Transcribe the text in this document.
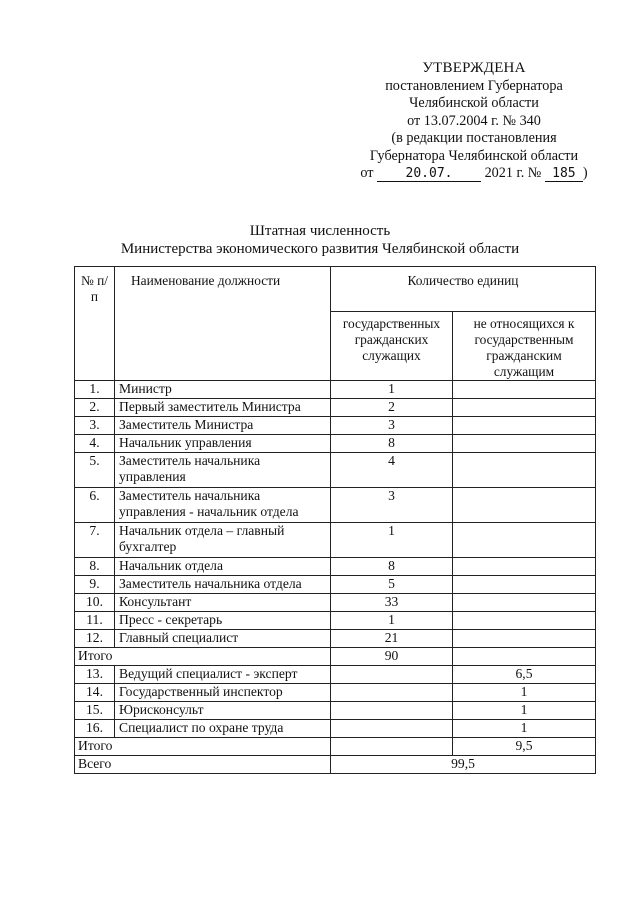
УТВЕРЖДЕНА
постановлением Губернатора
Челябинской области
от 13.07.2004 г. № 340
(в редакции постановления
Губернатора Челябинской области
от 20.07. 2021 г. № 185 )
Штатная численность
Министерства экономического развития Челябинской области
№ п/п	Наименование должности	Количество единиц	
		государственных гражданских служащих	не относящихся к государственным гражданским служащим
1.	Министр	1	
2.	Первый заместитель Министра	2	
3.	Заместитель Министра	3	
4.	Начальник управления	8	
5.	Заместитель начальника управления	4	
6.	Заместитель начальника управления - начальник отдела	3	
7.	Начальник отдела – главный бухгалтер	1	
8.	Начальник отдела	8	
9.	Заместитель начальника отдела	5	
10.	Консультант	33	
11.	Пресс - секретарь	1	
12.	Главный специалист	21	
Итого		90	
13.	Ведущий специалист - эксперт		6,5
14.	Государственный инспектор		1
15.	Юрисконсульт		1
16.	Специалист по охране труда		1
Итого			9,5
Всего		99,5	
